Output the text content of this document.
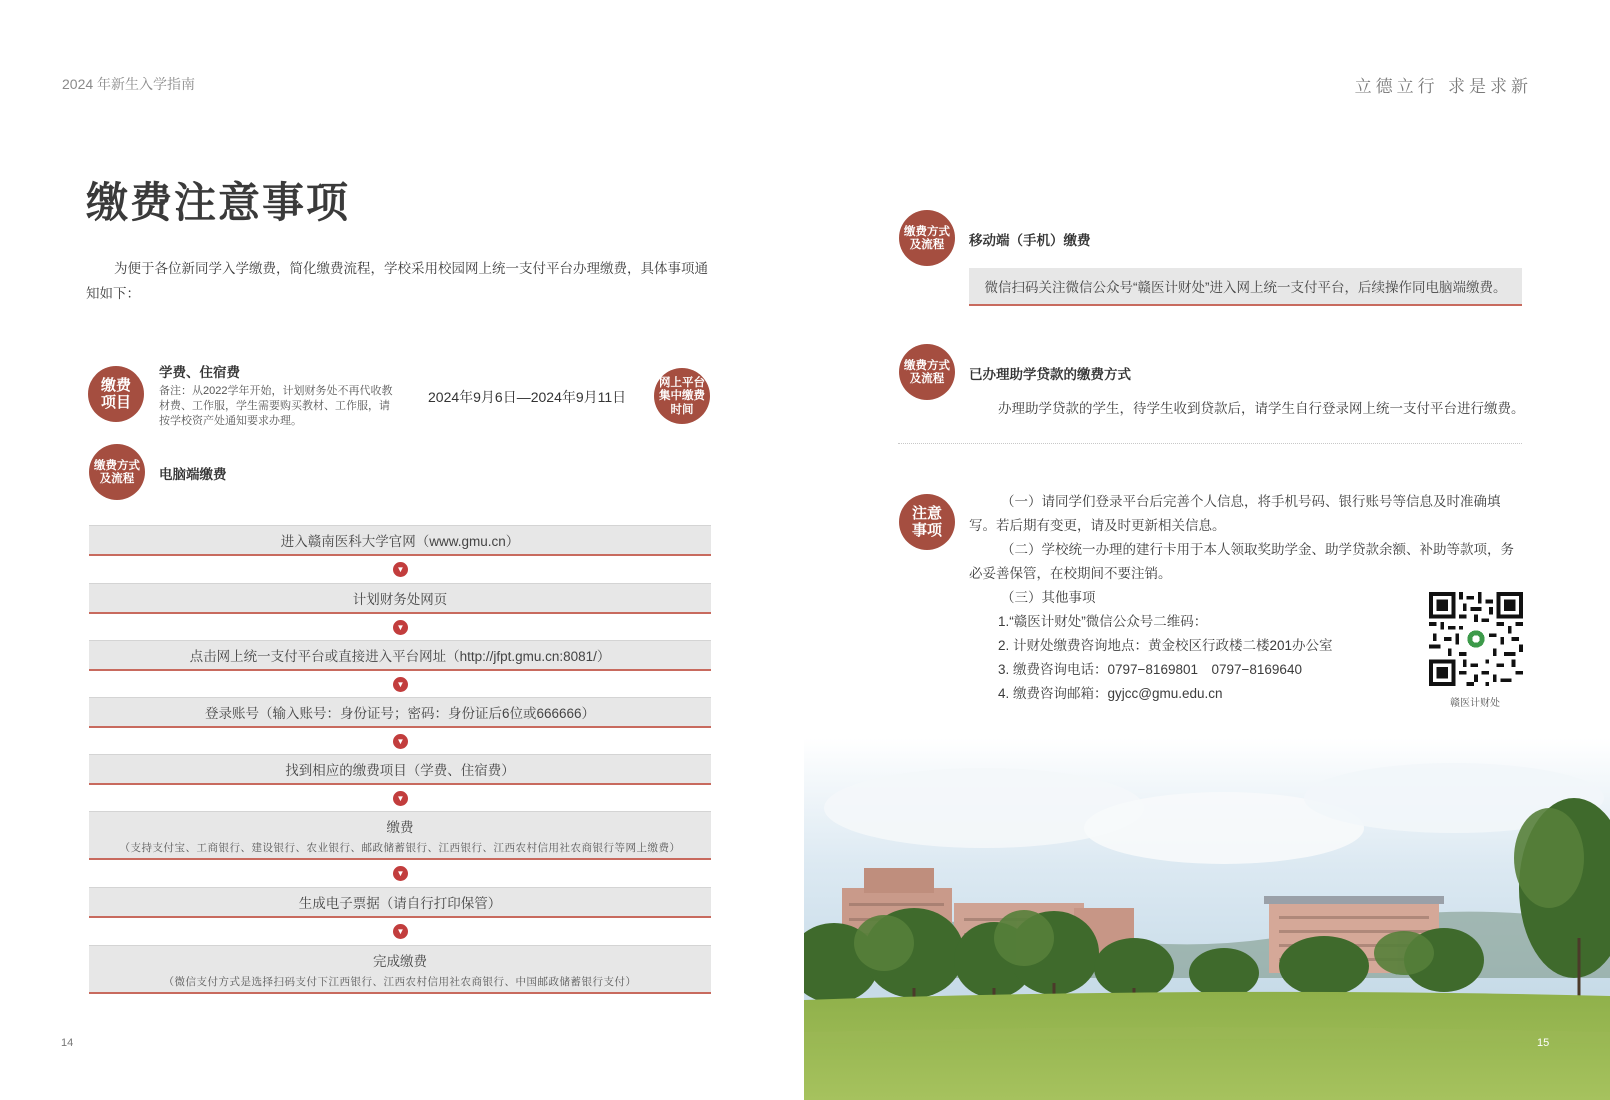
2024 年新生入学指南	立德立行 求是求新
缴费注意事项
为便于各位新同学入学缴费，简化缴费流程，学校采用校园网上统一支付平台办理缴费，具体事项通知如下：
缴费项目
学费、住宿费
备注：从2022学年开始，计划财务处不再代收教材费、工作服，学生需要购买教材、工作服，请按学校资产处通知要求办理。
2024年9月6日—2024年9月11日
网上平台集中缴费时间
缴费方式及流程	电脑端缴费
进入赣南医科大学官网（www.gmu.cn）
▼
计划财务处网页
▼
点击网上统一支付平台或直接进入平台网址（http://jfpt.gmu.cn:8081/）
▼
登录账号（输入账号：身份证号；密码：身份证后6位或666666）
▼
找到相应的缴费项目（学费、住宿费）
▼
缴费
（支持支付宝、工商银行、建设银行、农业银行、邮政储蓄银行、江西银行、江西农村信用社农商银行等网上缴费）
▼
生成电子票据（请自行打印保管）
▼
完成缴费
（微信支付方式是选择扫码支付下江西银行、江西农村信用社农商银行、中国邮政储蓄银行支付）
14
缴费方式及流程	移动端（手机）缴费
微信扫码关注微信公众号“赣医计财处”进入网上统一支付平台，后续操作同电脑端缴费。
缴费方式及流程	已办理助学贷款的缴费方式
办理助学贷款的学生，待学生收到贷款后，请学生自行登录网上统一支付平台进行缴费。
注意事项

（一）请同学们登录平台后完善个人信息，将手机号码、银行账号等信息及时准确填写。若后期有变更，请及时更新相关信息。

（二）学校统一办理的建行卡用于本人领取奖助学金、助学贷款余额、补助等款项，务必妥善保管，在校期间不要注销。

（三）其他事项

1.“赣医计财处”微信公众号二维码：

2. 计财处缴费咨询地点：黄金校区行政楼二楼201办公室

3. 缴费咨询电话：0797−8169801　0797−8169640

4. 缴费咨询邮箱：gyjcc@gmu.edu.cn

赣医计财处
15
